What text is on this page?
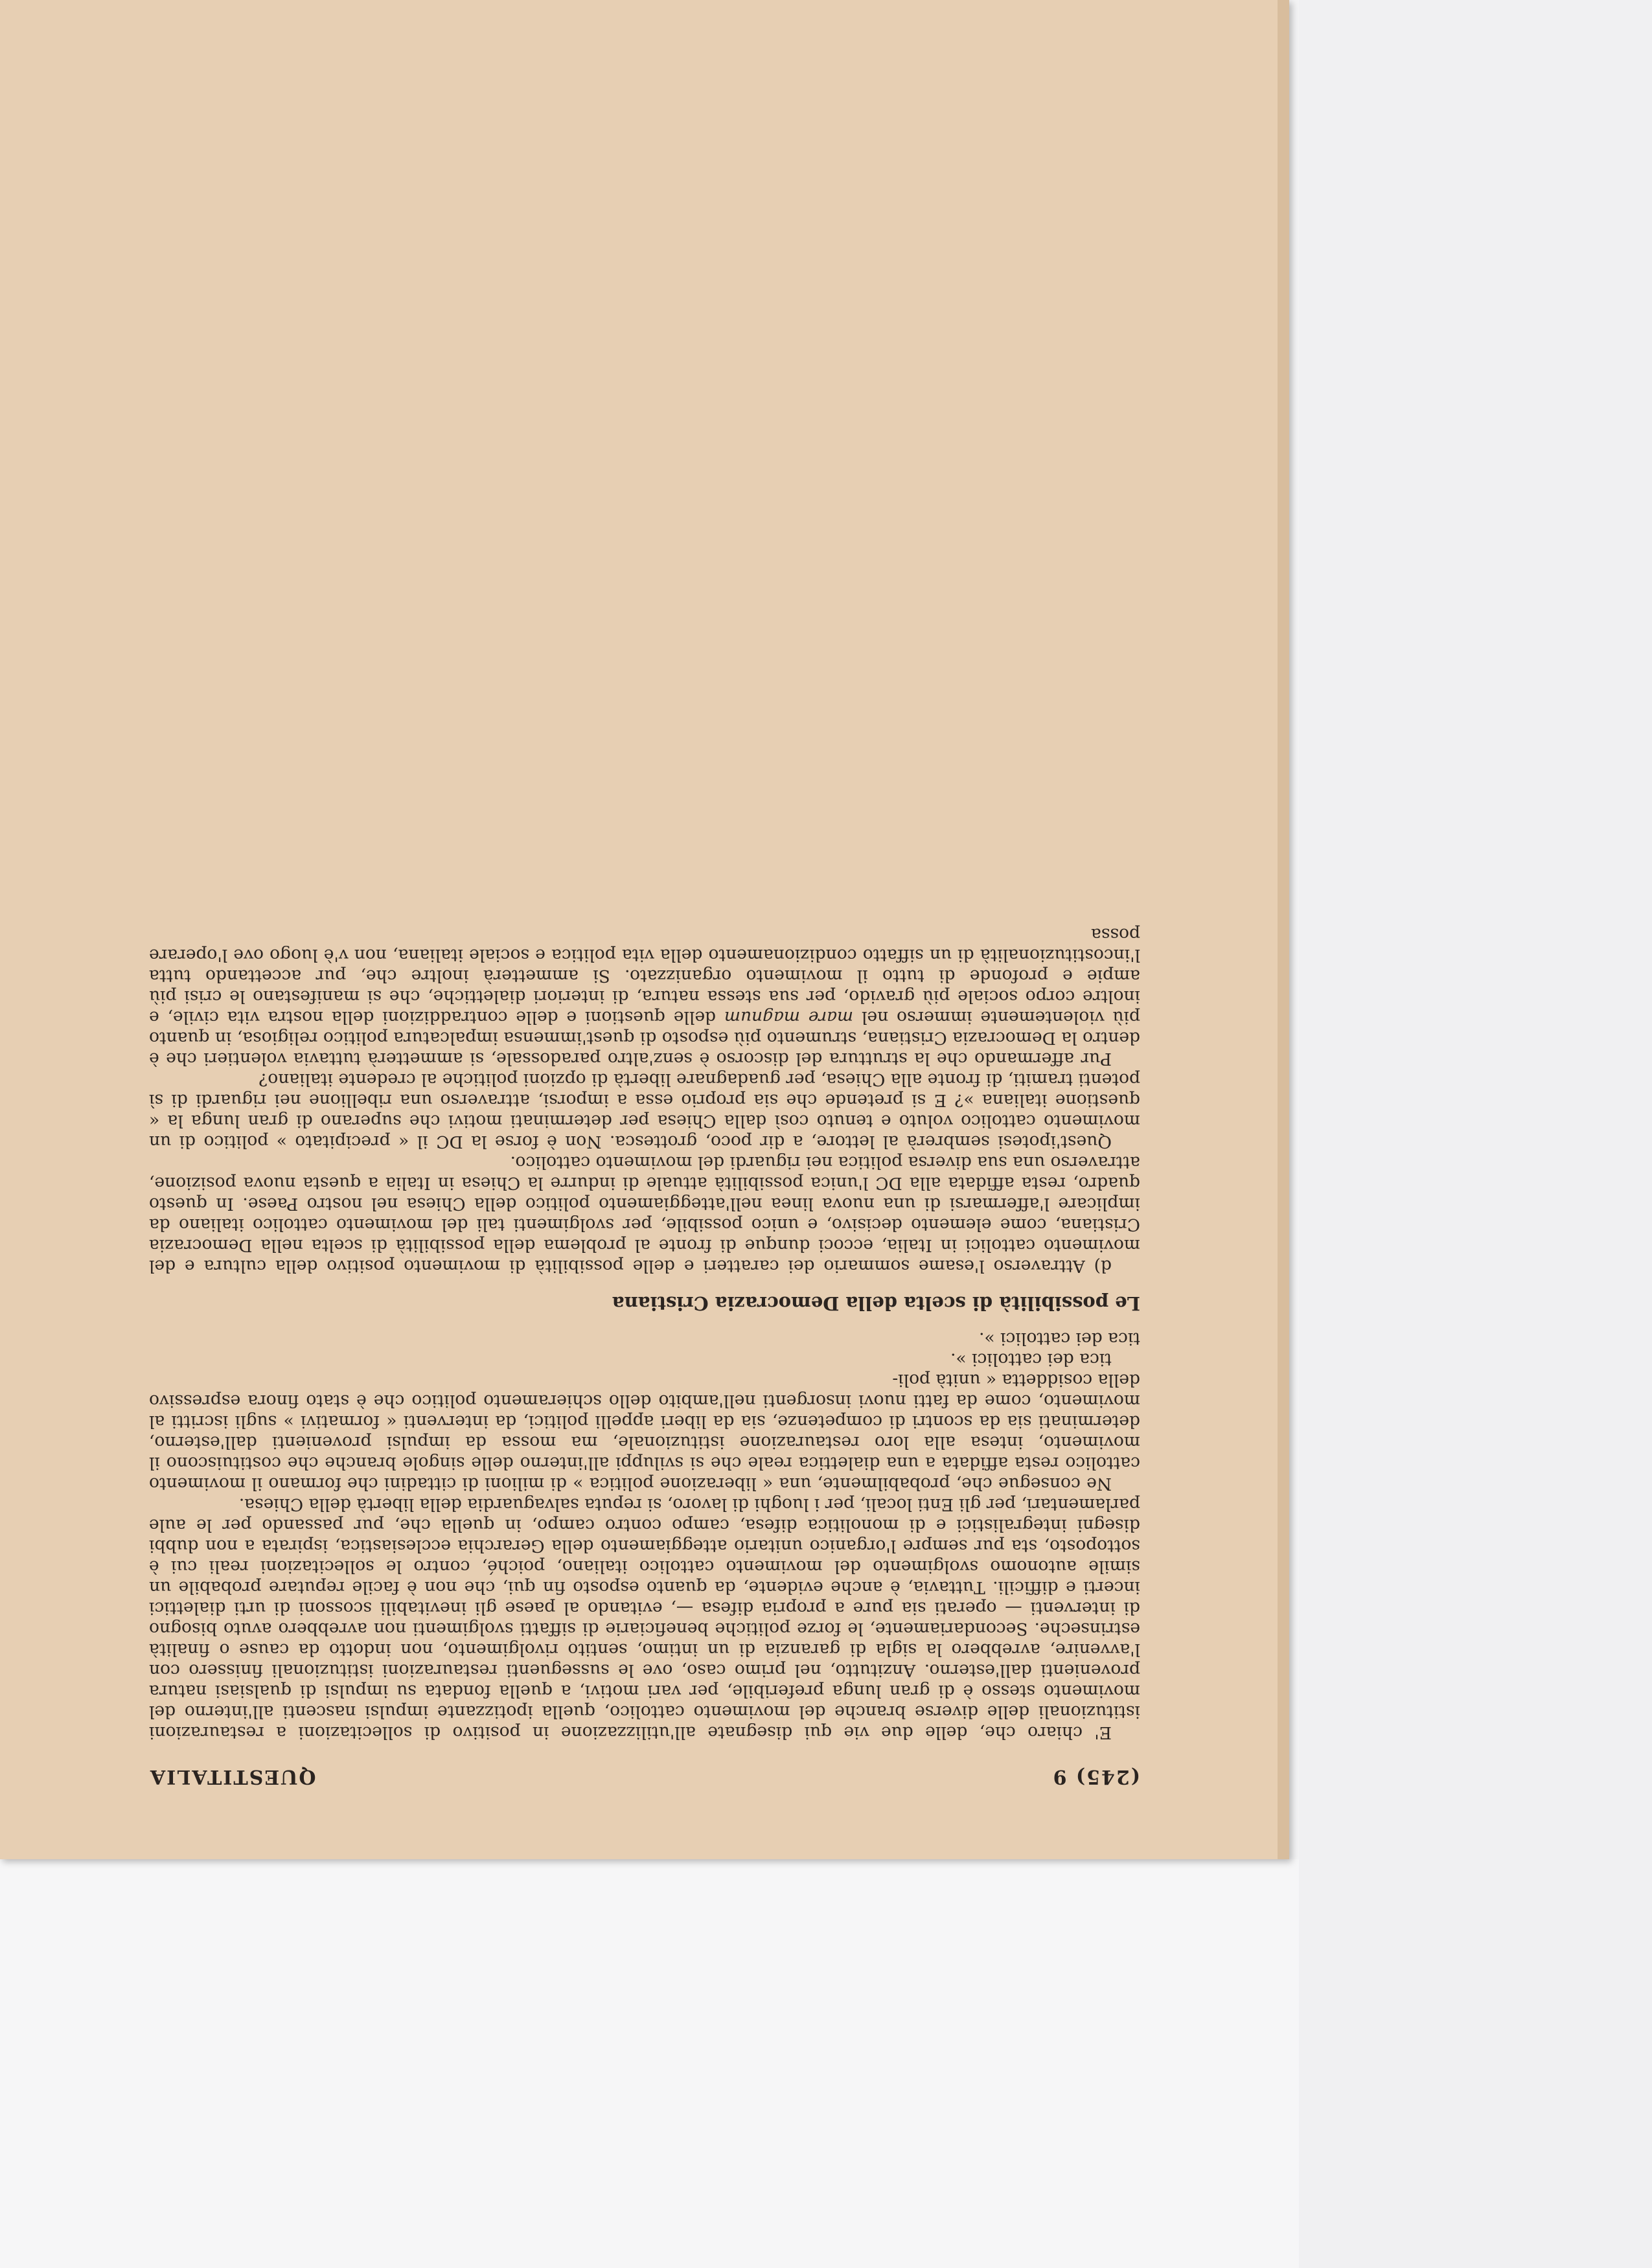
(245) 9
QUESTITALIA

E' chiaro che, delle due vie qui disegnate all'utilizzazione in positivo di sollecitazioni a restaurazioni istituzionali delle diverse branche del movimento cattolico, quella ipotizzante impulsi nascenti all'interno del movimento stesso è di gran lunga preferibile, per vari motivi, a quella fondata su impulsi di qualsiasi natura provenienti dall'esterno. Anzitutto, nel primo caso, ove le susseguenti restaurazioni istituzionali finissero con l'avvenire, avrebbero la sigla di garanzia di un intimo, sentito rivolgimento, non indotto da cause o finalità estrinseche. Secondariamente, le forze politiche beneficiarie di siffatti svolgimenti non avrebbero avuto bisogno di interventi — operati sia pure a propria difesa —, evitando al paese gli inevitabili scossoni di urti dialettici incerti e difficili. Tuttavia, è anche evidente, da quanto esposto fin qui, che non è facile reputare probabile un simile autonomo svolgimento del movimento cattolico italiano, poiché, contro le sollecitazioni reali cui è sottoposto, sta pur sempre l'organico unitario atteggiamento della Gerarchia ecclesiastica, ispirata a non dubbi disegni integralistici e di monolitica difesa, campo contro campo, in quella che, pur passando per le aule parlamentari, per gli Enti locali, per i luoghi di lavoro, si reputa salvaguardia della libertà della Chiesa.

Ne consegue che, probabilmente, una « liberazione politica » di milioni di cittadini che formano il movimento cattolico resta affidata a una dialettica reale che si sviluppi all'interno delle singole branche che costituiscono il movimento, intesa alla loro restaurazione istituzionale, ma mossa da impulsi provenienti dall'esterno, determinati sia da scontri di competenze, sia da liberi appelli politici, da interventi « formativi » sugli iscritti al movimento, come da fatti nuovi insorgenti nell'ambito dello schieramento politico che è stato finora espressivo della cosiddetta « unità poli-

tica dei cattolici ».

tica dei cattolici ».

Le possibilità di scelta della Democrazia Cristiana

d) Attraverso l'esame sommario dei caratteri e delle possibilità di movimento positivo della cultura e del movimento cattolici in Italia, eccoci dunque di fronte al problema della possibilità di scelta nella Democrazia Cristiana, come elemento decisivo, e unico possibile, per svolgimenti tali del movimento cattolico italiano da implicare l'affermarsi di una nuova linea nell'atteggiamento politico della Chiesa nel nostro Paese. In questo quadro, resta affidata alla DC l'unica possibilità attuale di indurre la Chiesa in Italia a questa nuova posizione, attraverso una sua diversa politica nei riguardi del movimento cattolico.

Quest'ipotesi sembrerà al lettore, a dir poco, grottesca. Non è forse la DC il « precipitato » politico di un movimento cattolico voluto e tenuto così dalla Chiesa per determinati motivi che superano di gran lunga la « questione italiana »? E si pretende che sia proprio essa a imporsi, attraverso una ribellione nei riguardi di sì potenti tramiti, di fronte alla Chiesa, per guadagnare libertà di opzioni politiche al credente italiano?

Pur affermando che la struttura del discorso è senz'altro paradossale, si ammetterà tuttavia volentieri che è dentro la Democrazia Cristiana, strumento più esposto di quest'immensa impalcatura politico religiosa, in quanto più violentemente immerso nel mare magnum delle questioni e delle contraddizioni della nostra vita civile, e inoltre corpo sociale più gravido, per sua stessa natura, di interiori dialettiche, che si manifestano le crisi più ampie e profonde di tutto il movimento organizzato. Si ammetterà inoltre che, pur accettando tutta l'incostituzionalità di un siffatto condizionamento della vita politica e sociale italiana, non v'è luogo ove l'operare possa
